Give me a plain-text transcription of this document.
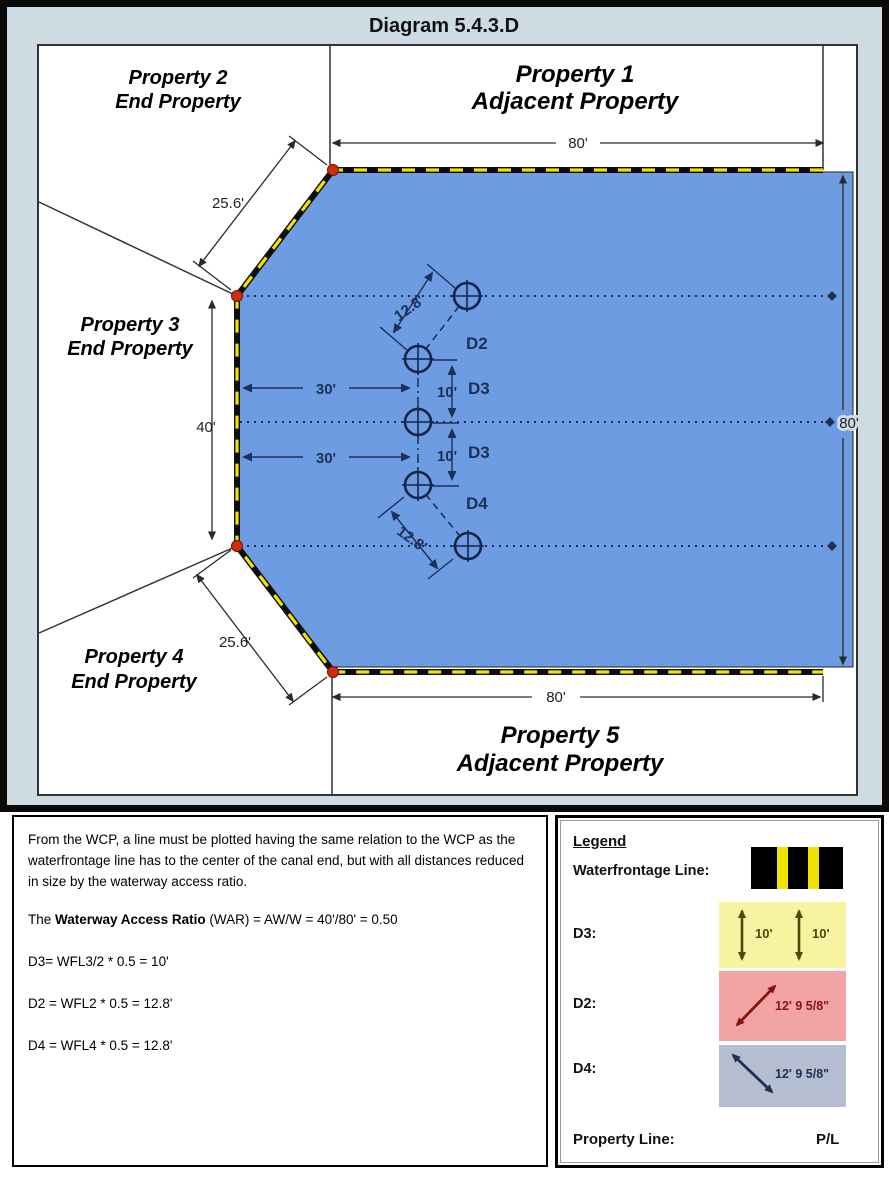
Diagram 5.4.3.D
80'
80'
80'
40'
25.6'
25.6'
30'
30'
10'
10'
12.8'
12.8'
D2
D3
D3
D4
Property 2
End Property
Property 1
Adjacent Property
Property 3
End Property
Property 4
End Property
Property 5
Adjacent Property

From the WCP, a line must be plotted having the same relation to the WCP as the waterfrontage line has to the center of the canal end, but with all distances reduced in size by the waterway access ratio.

The Waterway Access Ratio (WAR) = AW/W = 40'/80' = 0.50

D3= WFL3/2 * 0.5 = 10'

D2 = WFL2 * 0.5 = 12.8'

D4 = WFL4 * 0.5 = 12.8'

Legend
Waterfrontage Line:
D3:	10'	10'
D2:	12' 9 5/8"
D4:	12' 9 5/8"
Property Line:	P/L
